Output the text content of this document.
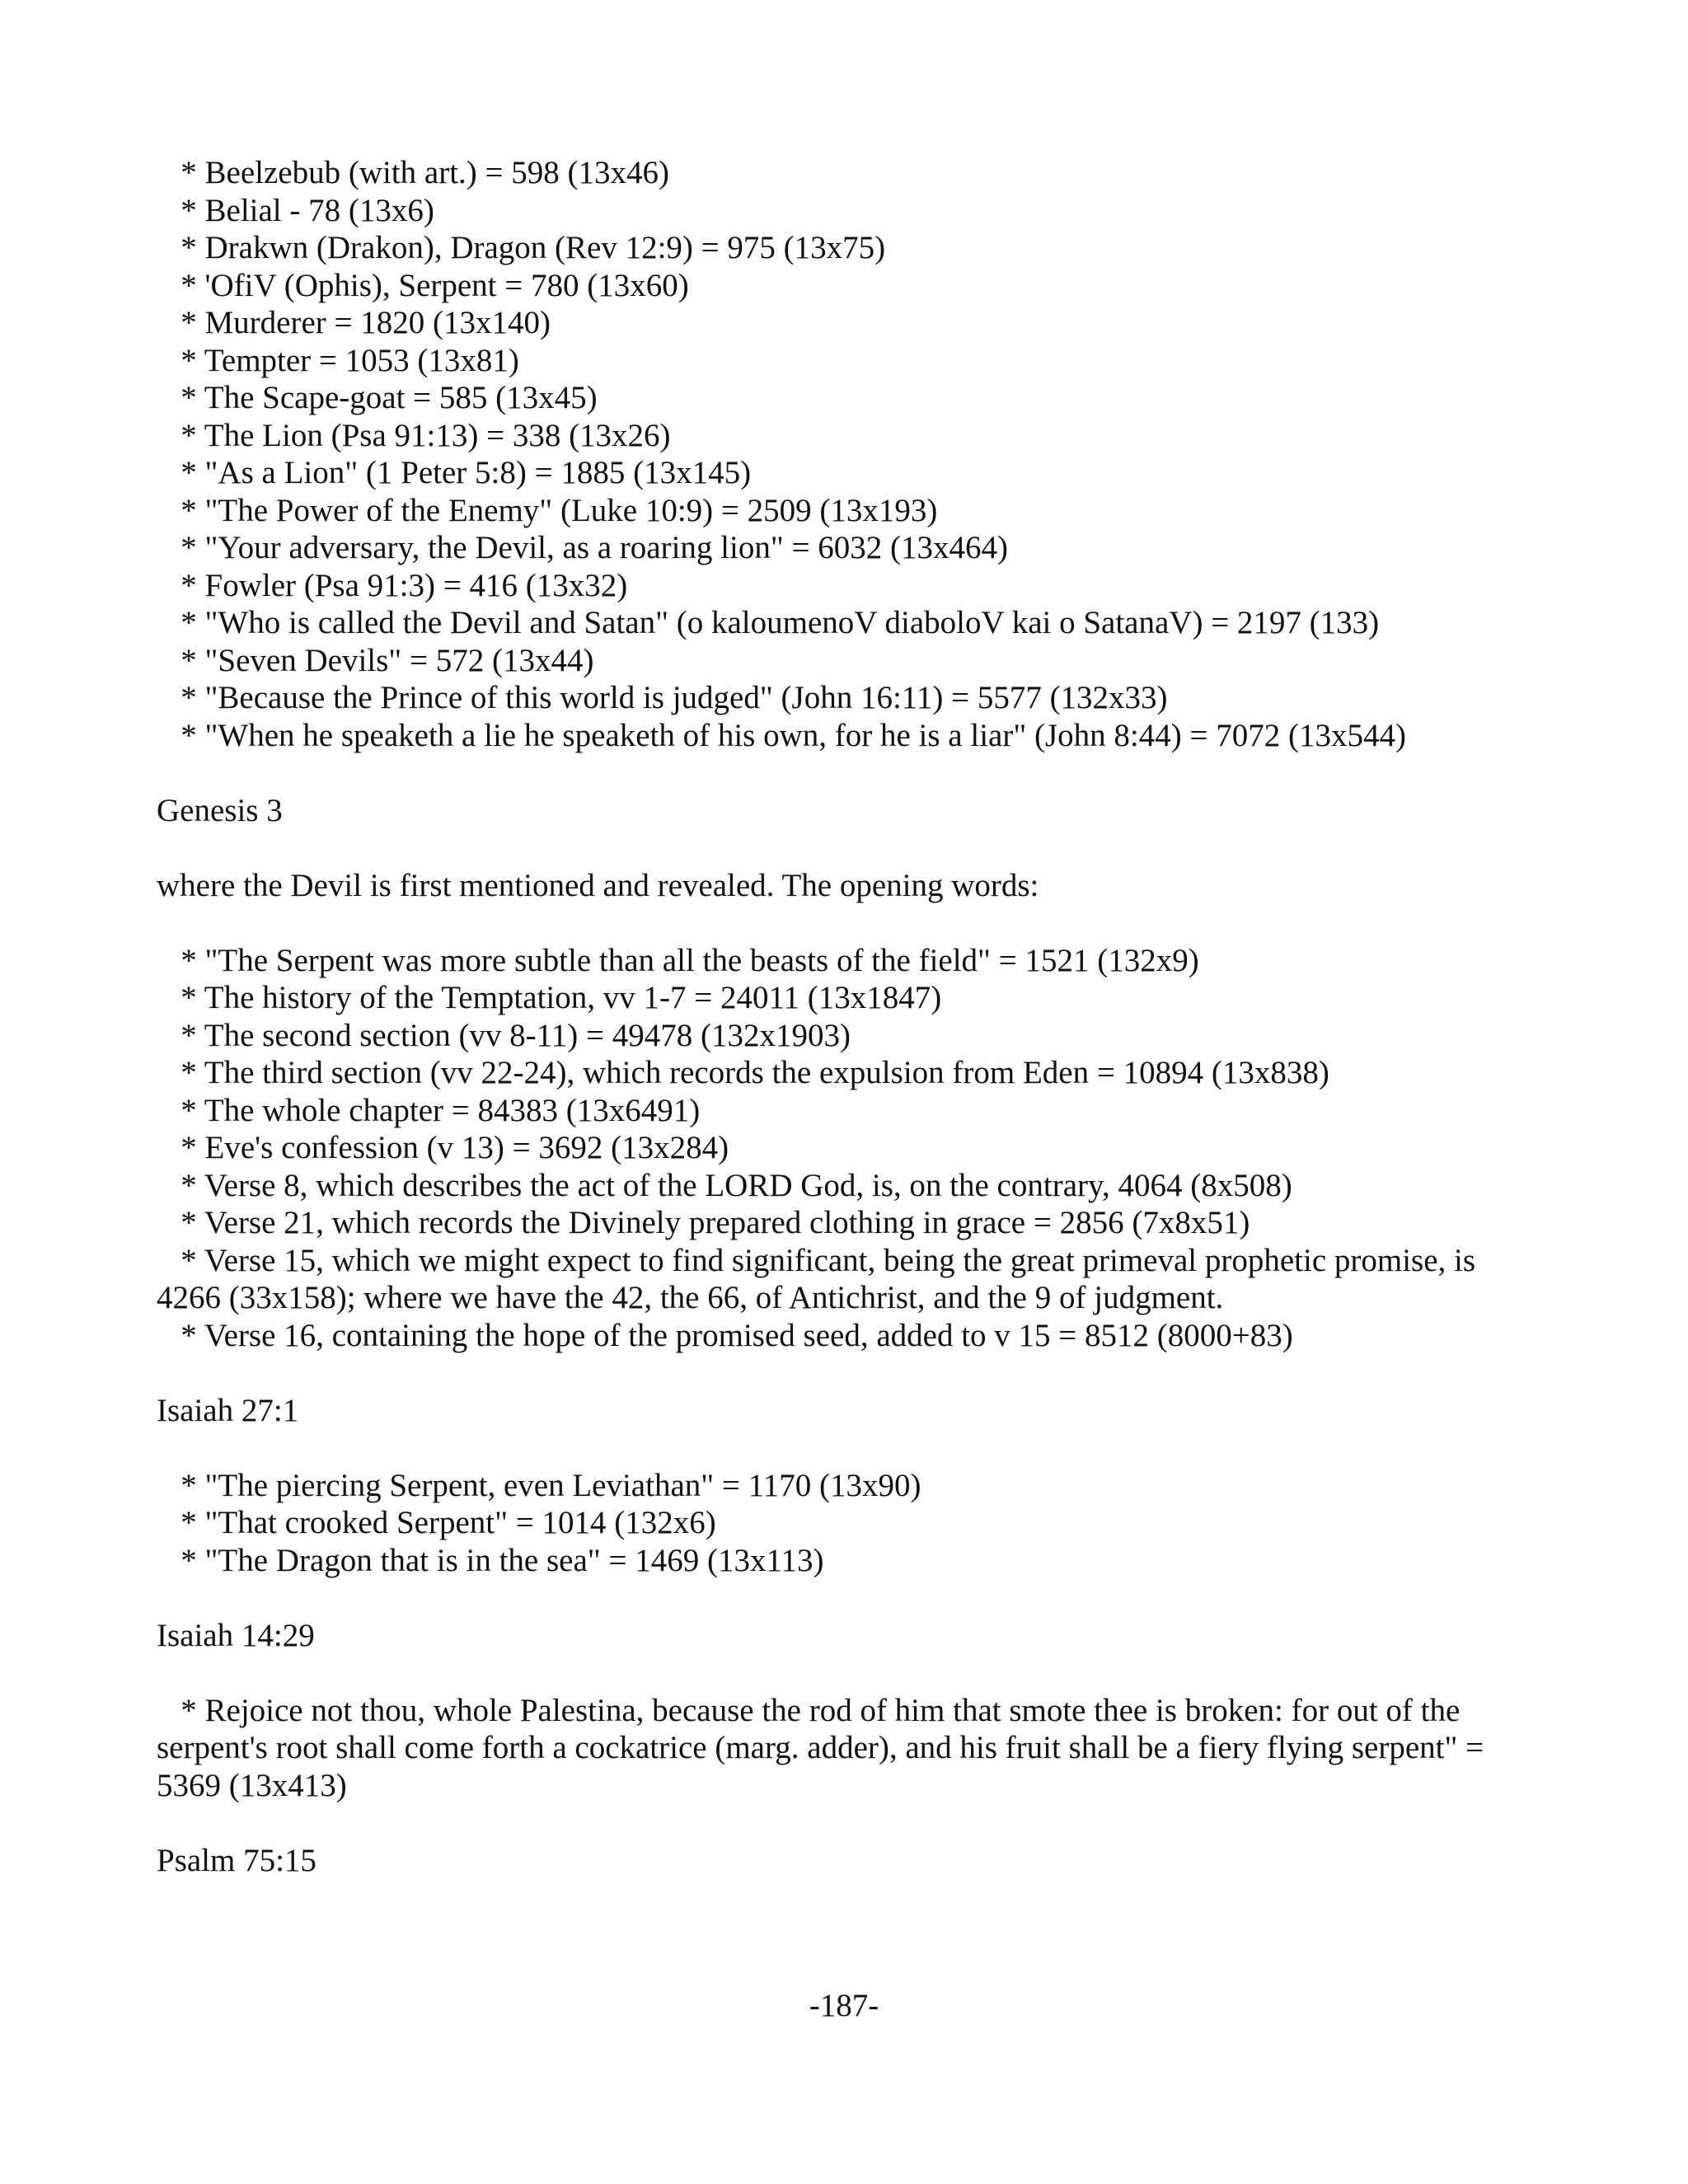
* Beelzebub (with art.) = 598 (13x46)

* Belial - 78 (13x6)

* Drakwn (Drakon), Dragon (Rev 12:9) = 975 (13x75)

* 'OfiV (Ophis), Serpent = 780 (13x60)

* Murderer = 1820 (13x140)

* Tempter = 1053 (13x81)

* The Scape-goat = 585 (13x45)

* The Lion (Psa 91:13) = 338 (13x26)

* "As a Lion" (1 Peter 5:8) = 1885 (13x145)

* "The Power of the Enemy" (Luke 10:9) = 2509 (13x193)

* "Your adversary, the Devil, as a roaring lion" = 6032 (13x464)

* Fowler (Psa 91:3) = 416 (13x32)

* "Who is called the Devil and Satan" (o kaloumenoV diaboloV kai o SatanaV) = 2197 (133)

* "Seven Devils" = 572 (13x44)

* "Because the Prince of this world is judged" (John 16:11) = 5577 (132x33)

* "When he speaketh a lie he speaketh of his own, for he is a liar" (John 8:44) = 7072 (13x544)

Genesis 3

where the Devil is first mentioned and revealed. The opening words:

* "The Serpent was more subtle than all the beasts of the field" = 1521 (132x9)

* The history of the Temptation, vv 1-7 = 24011 (13x1847)

* The second section (vv 8-11) = 49478 (132x1903)

* The third section (vv 22-24), which records the expulsion from Eden = 10894 (13x838)

* The whole chapter = 84383 (13x6491)

* Eve's confession (v 13) = 3692 (13x284)

* Verse 8, which describes the act of the LORD God, is, on the contrary, 4064 (8x508)

* Verse 21, which records the Divinely prepared clothing in grace = 2856 (7x8x51)

* Verse 15, which we might expect to find significant, being the great primeval prophetic promise, is 4266 (33x158); where we have the 42, the 66, of Antichrist, and the 9 of judgment.

* Verse 16, containing the hope of the promised seed, added to v 15 = 8512 (8000+83)

Isaiah 27:1

* "The piercing Serpent, even Leviathan" = 1170 (13x90)

* "That crooked Serpent" = 1014 (132x6)

* "The Dragon that is in the sea" = 1469 (13x113)

Isaiah 14:29

* Rejoice not thou, whole Palestina, because the rod of him that smote thee is broken: for out of the serpent's root shall come forth a cockatrice (marg. adder), and his fruit shall be a fiery flying serpent" = 5369 (13x413)

Psalm 75:15

-187-
